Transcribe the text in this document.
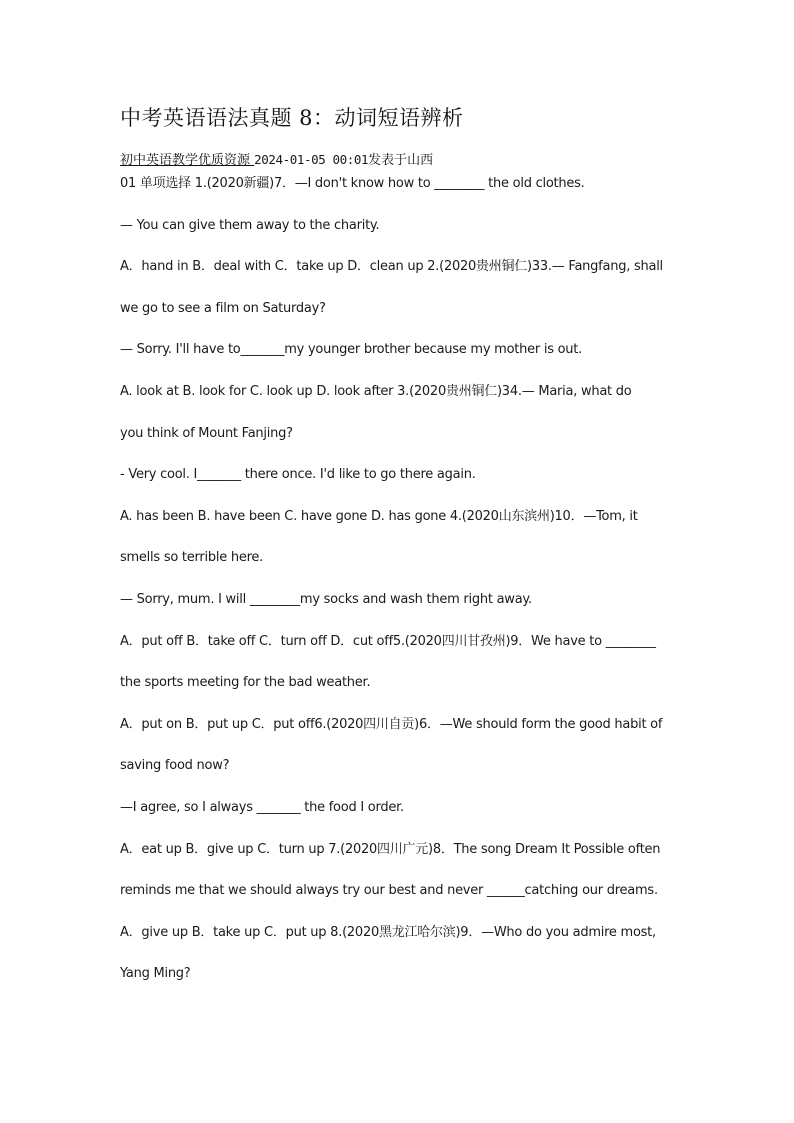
中考英语语法真题 8：动词短语辨析
初中英语教学优质资源 2024-01-05 00:01发表于山西
01 单项选择 1.(2020新疆)7．—I don't know how to ________ the old clothes.
— You can give them away to the charity.
A．hand in B．deal with C．take up D．clean up 2.(2020贵州铜仁)33.— Fangfang, shall
we go to see a film on Saturday?
— Sorry. I'll have to_______my younger brother because my mother is out.
A. look at B. look for C. look up D. look after 3.(2020贵州铜仁)34.— Maria, what do
you think of Mount Fanjing?
- Very cool. I_______ there once. I'd like to go there again.
A. has been B. have been C. have gone D. has gone 4.(2020山东滨州)10．—Tom, it
smells so terrible here.
— Sorry, mum. I will ________my socks and wash them right away.
A．put off B．take off C．turn off D．cut off5.(2020四川甘孜州)9．We have to ________
the sports meeting for the bad weather.
A．put on B．put up C．put off6.(2020四川自贡)6．—We should form the good habit of
saving food now?
—I agree, so I always _______ the food I order.
A．eat up B．give up C．turn up 7.(2020四川广元)8．The song Dream It Possible often
reminds me that we should always try our best and never ______catching our dreams.
A．give up B．take up C．put up 8.(2020黑龙江哈尔滨)9．—Who do you admire most,
Yang Ming?
